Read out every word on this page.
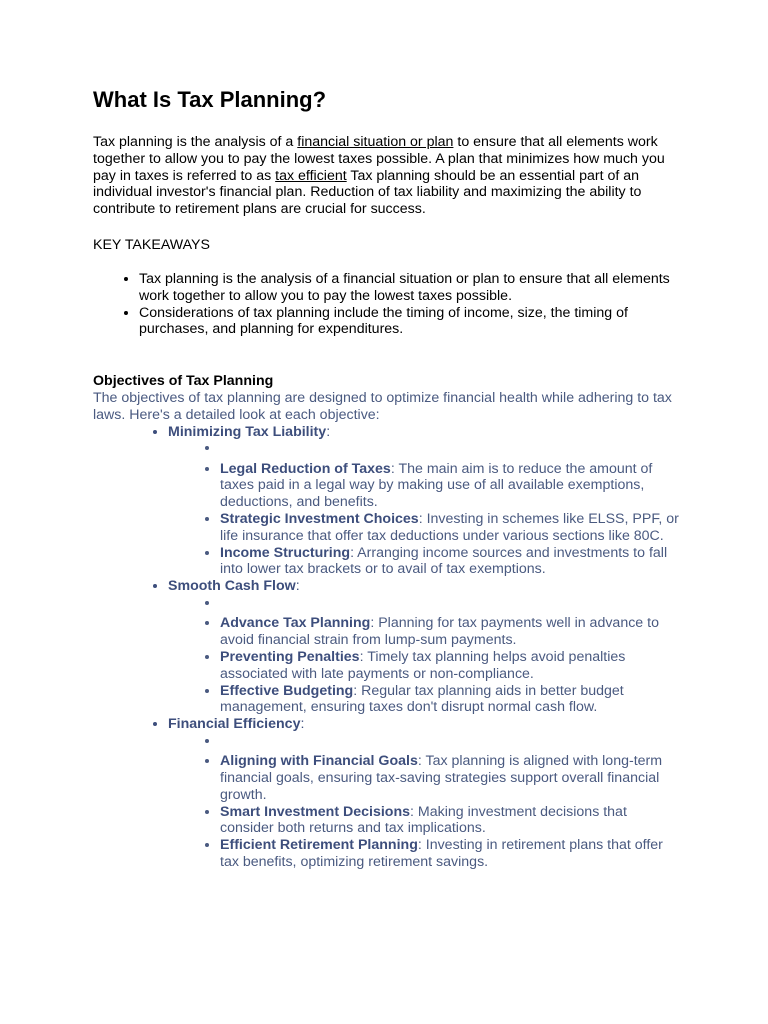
What Is Tax Planning?

Tax planning is the analysis of a financial situation or plan to ensure that all elements work together to allow you to pay the lowest taxes possible. A plan that minimizes how much you pay in taxes is referred to as tax efficient Tax planning should be an essential part of an individual investor's financial plan. Reduction of tax liability and maximizing the ability to contribute to retirement plans are crucial for success.

KEY TAKEAWAYS

• Tax planning is the analysis of a financial situation or plan to ensure that all elements work together to allow you to pay the lowest taxes possible.
• Considerations of tax planning include the timing of income, size, the timing of purchases, and planning for expenditures.

Objectives of Tax Planning

The objectives of tax planning are designed to optimize financial health while adhering to tax laws. Here's a detailed look at each objective:

• Minimizing Tax Liability:
•
• Legal Reduction of Taxes: The main aim is to reduce the amount of taxes paid in a legal way by making use of all available exemptions, deductions, and benefits.
• Strategic Investment Choices: Investing in schemes like ELSS, PPF, or life insurance that offer tax deductions under various sections like 80C.
• Income Structuring: Arranging income sources and investments to fall into lower tax brackets or to avail of tax exemptions.
• Smooth Cash Flow:
•
• Advance Tax Planning: Planning for tax payments well in advance to avoid financial strain from lump-sum payments.
• Preventing Penalties: Timely tax planning helps avoid penalties associated with late payments or non-compliance.
• Effective Budgeting: Regular tax planning aids in better budget management, ensuring taxes don't disrupt normal cash flow.
• Financial Efficiency:
•
• Aligning with Financial Goals: Tax planning is aligned with long-term financial goals, ensuring tax-saving strategies support overall financial growth.
• Smart Investment Decisions: Making investment decisions that consider both returns and tax implications.
• Efficient Retirement Planning: Investing in retirement plans that offer tax benefits, optimizing retirement savings.
